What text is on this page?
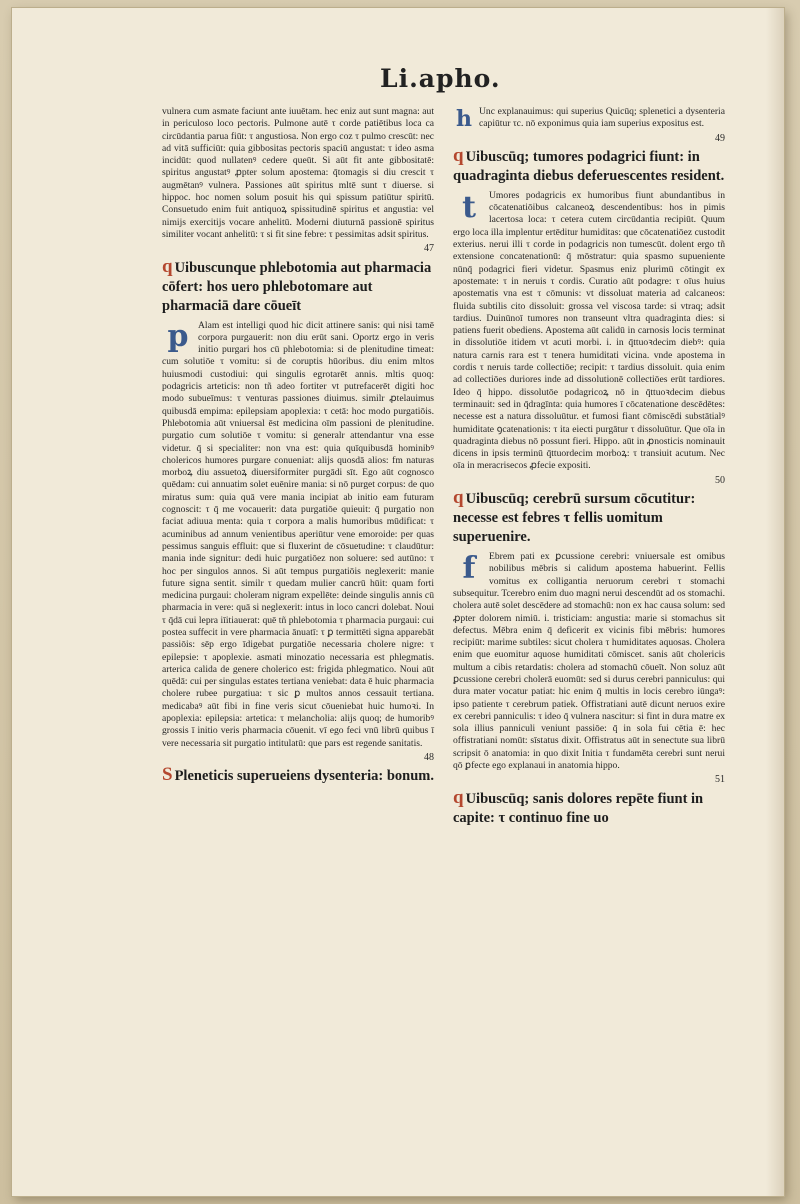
Li.apho.

vulnera cum asmate faciunt ante iuuētam. hec eniz aut sunt magna: aut in periculoso loco pectoris. Pulmone autē τ corde patiētibus loca ca circūdantia parua fiūt: τ angustiosa. Non ergo coz τ pulmo crescūt: nec ad vitā sufficiūt: quia gibbositas pectoris spaciū angustat: τ ideo asma incidūt: quod nullatenꝰ cedere queūt. Si aūt fit ante gibbositatē: spiritus angustatꝰ ꝓpter solum apostema: q̄tomagis si diu crescit τ augmētanꝰ vulnera. Passiones aūt spiritus mltē sunt τ diuerse. si hippoc. hoc nomen solum posuit his qui spissum patiūtur spiritū. Consuetudo enim fuit antiquoꝝ spissitudinē spiritus et angustia: vel nimijs exercitijs vocare anhelitū. Moderni diuturnā passionē spiritus similiter vocant anhelitū: τ si fit sine febre: τ pessimitas adsit spiritus.

47
q Uibuscunque phlebotomia aut pharmacia cōfert: hos uero phlebotomare aut pharmaciā dare cōueīt

p Alam est intelligi quod hic dicit attinere sanis: qui nisi tamē corpora purgauerit: non diu erūt sani. Oportz ergo in veris initio purgari hos cū phlebotomia: si de plenitudine timeat: cum solutiōe τ vomitu: si de coruptis hūoribus. diu enim mltos huiusmodi custodiui: qui singulis egrotarēt annis. mltis quoq: podagricis arteticis: non tñ adeo fortiter vt putrefacerēt digiti hoc modo subueīmus: τ venturas passiones diuimus. similr ꝓtelauimus quibusdā empima: epilepsiam apoplexia: τ cetā: hoc modo purgatiōis. Phlebotomia aūt vniuersal ēst medicina oīm passioni de plenitudine. purgatio cum solutiōe τ vomitu: si generalr attendantur vna esse videtur. q̄ si specialiter: non vna est: quia quīquibusdā hominibꝰ cholericos humores purgare conueniat: alijs quosdā alios: fm naturas morboꝝ diu assuetoꝝ diuersiformiter purgādi sīt. Ego aūt cognosco quēdam: cui annuatim solet euēnire mania: si nō purget corpus: de quo miratus sum: quia quā vere mania incipiat ab initio eam futuram cognoscit: τ q̄ me vocauerit: data purgatiōe quieuit: q̄ purgatio non faciat adiuua menta: quia τ corpora a malis humoribus mūdificat: τ acuminibus ad annum venientibus aperiūtur vene emoroide: per quas pessimus sanguis effluit: que si fluxerint de cōsuetudine: τ claudūtur: mania inde signitur: dedi huic purgatiōez non soluere: sed autūno: τ hoc per singulos annos. Si aūt tempus purgatiōis neglexerit: manie future signa sentit. similr τ quedam mulier cancrū hūit: quam forti medicina purgaui: choleram nigram expellēte: deinde singulis annis cū pharmacia in vere: quā si neglexerit: intus in loco cancri dolebat. Noui τ q̄dā cui lepra iīitiauerat: quē tñ phlebotomia τ pharmacia purgaui: cui postea suffecit in vere pharmacia ānuatī: τ ꝑ termittēti signa apparebāt passiōis: sēp ergo īdigebat purgatiōe necessaria cholere nigre: τ epilepsie: τ apoplexie. asmati minozatio necessaria est phlegmatis. arterica calida de genere cholerico est: frigida phlegmatico. Noui aūt quēdā: cui per singulas estates tertiana veniebat: data ē huic pharmacia cholere rubee purgatiua: τ sic ꝑ multos annos cessauit tertiana. medicabaꝰ aūt fibi in fine veris sicut cōueniebat huic humoꝛi. In apoplexia: epilepsia: artetica: τ melancholia: alijs quoq; de humoribꝰ grossis ī initio veris pharmacia cōuenit. vī ego feci vnū librū quibus ī vere necessaria sit purgatio intitulatū: que pars est regende sanitatis.

48
S Pleneticis superueiens dysenteria: bonum.

h Unc explanauimus: qui superius Quicūq; splenetici a dysenteria capiūtur τc. nō exponimus quia iam superius expositus est.

49
q Uibuscūq; tumores podagrici fiunt: in quadraginta diebus deferuescentes resident.

t	Umores podagricis ex humoribus fiunt abundantibus in cōcatenatiōibus calcaneoꝝ descendentibus: hos in pimis lacertosa loca: τ cetera cutem circūdantia recipiūt. Quum ergo loca illa implentur ertēditur humiditas: que cōcatenatiōez custodit exterius. nerui illi τ corde in podagricis non tumescūt. dolent ergo tñ extensione concatenationū: q̄ mōstratur: quia spasmo supueniente nūnq̄ podagrici fieri videtur. Spasmus eniz plurimū cōtingit ex apostemate: τ in neruis τ cordis. Curatio aūt podagre: τ oīus huius apostematis vna est τ cōmunis: vt dissoluat materia ad calcaneos: fluida subtilis cito dissoluit: grossa vel viscosa tarde: si vtraq; adsit tardius. Duinūnoī tumores non transeunt vltra quadraginta dies: si patiens fuerit obediens. Apostema aūt calidū in carnosis locis terminat in dissolutiōe itidem vt acuti morbi. i. in q̄ttuoꝛdecim diebꝰ: quia natura carnis rara est τ tenera humiditati vicina. vnde apostema in cordis τ neruis tarde collectiōe; recipit: τ tardius dissoluit. quia enim ad collectiōes duriores inde ad dissolutionē collectiōes erūt tardiores. Ideo q̄ hippo. dissolutōe podagricoꝝ nō in q̄ttuoꝛdecim diebus terminauit: sed in q̄dragīnta: quia humores ī cōcatenatione descēdētes: necesse est a natura dissoluūtur. et fumosi fiant cōmiscēdi substātialꝰ humiditate ꝯcatenationis: τ ita eiecti purgātur τ dissoluūtur. Que oīa in quadraginta diebus nō possunt fieri. Hippo. aūt in ꝓnosticis nominauit dicens in ipsis terminū q̄ttuordecim morboꝝ: τ transiuit acutum. Nec oīa in meracrisecos ꝓfecie expositi.

50
q Uibuscūq; cerebrū sursum cōcutitur: necesse est febres τ fellis uomitum superuenire.

f	Ebrem pati ex ꝑcussione cerebri: vniuersale est omibus nobilibus mēbris si calidum apostema habuerint. Fellis vomitus ex colligantia neruorum cerebri τ stomachi subsequitur. Tcerebro enim duo magni nerui descendūt ad os stomachi. cholera autē solet descēdere ad stomachū: non ex hac causa solum: sed ꝓpter dolorem nimiū. i. tristiciam: angustia: marie si stomachus sit defectus. Mēbra enim q̄ deficerit ex vicinis fibi mēbris: humores recipiūt: marime subtiles: sicut cholera τ humiditates aquosas. Cholera enim que euomitur aquose humiditati cōmiscet. sanis aūt cholericis multum a cibis retardatis: cholera ad stomachū cōueīt. Non soluz aūt ꝑcussione cerebri cholerā euomūt: sed si durus cerebri panniculus: qui dura mater vocatur patiat: hic enim q̄ multis in locis cerebro iūngaꝰ: ipso patiente τ cerebrum patiek. Offistratiani autē dicunt neruos exire ex cerebri panniculis: τ ideo q̄ vulnera nascitur: si fint in dura matre ex sola illius panniculi veniunt passiōe: q̄ in sola fui cētia ē: hec offistratiani nomūt: sīstatus dixit. Offistratus aūt in senectute sua librū scripsit ō anatomia: in quo dixit Initia τ fundamēta cerebri sunt nerui qō ꝑfecte ego explanaui in anatomia hippo.

51
q Uibuscūq; sanis dolores repēte fiunt in capite: τ continuo fine uo
